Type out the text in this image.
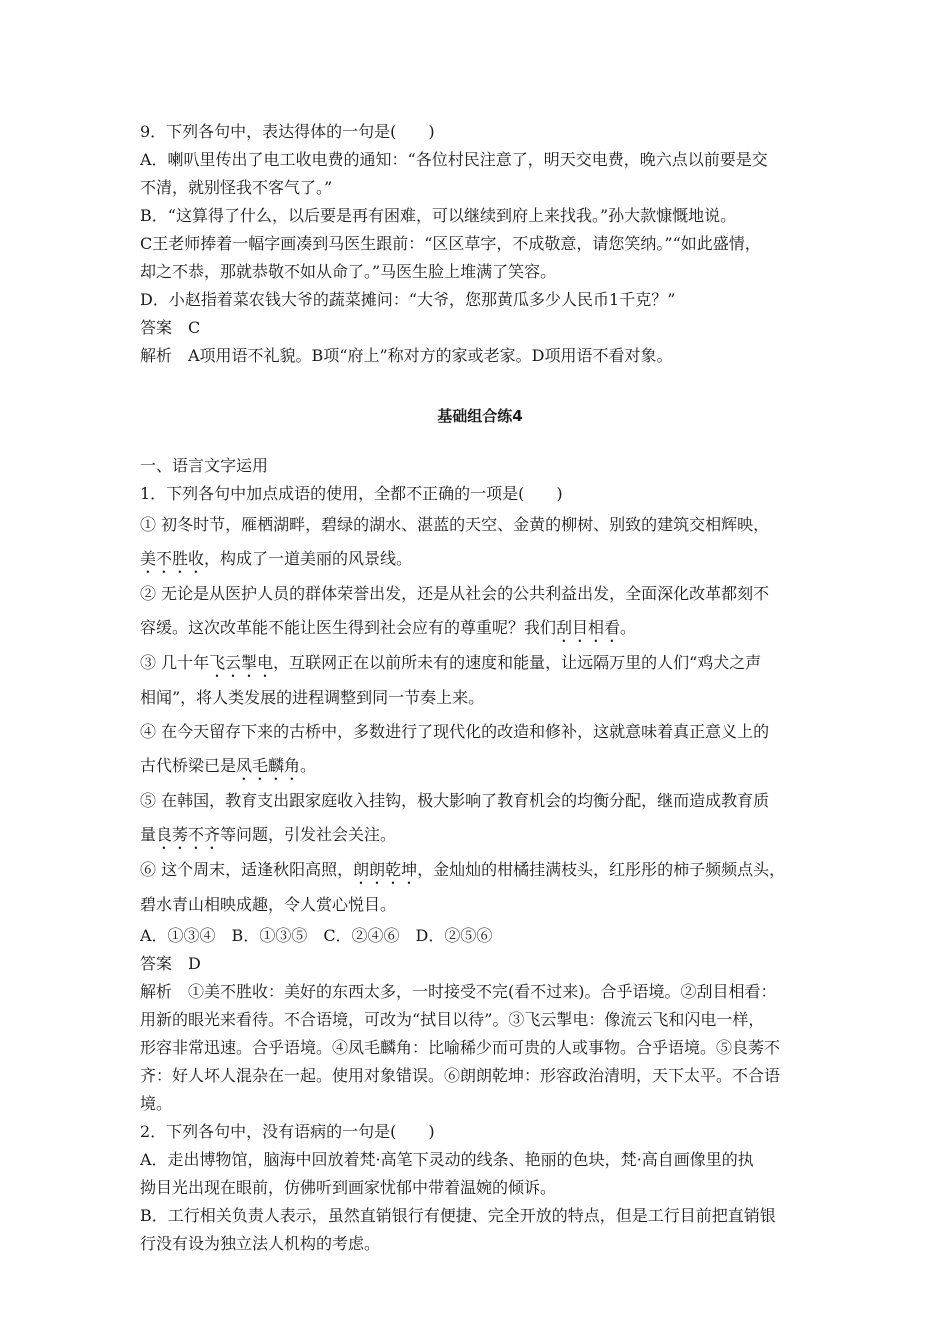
9．下列各句中，表达得体的一句是(　　)
A．喇叭里传出了电工收电费的通知：“各位村民注意了，明天交电费，晚六点以前要是交
不清，就别怪我不客气了。”
B．“这算得了什么，以后要是再有困难，可以继续到府上来找我。”孙大款慷慨地说。
C王老师捧着一幅字画凑到马医生跟前：“区区草字，不成敬意，请您笑纳。”“如此盛情，
却之不恭，那就恭敬不如从命了。”马医生脸上堆满了笑容。
D．小赵指着菜农钱大爷的蔬菜摊问：“大爷，您那黄瓜多少人民币1千克？”
答案　C
解析　A项用语不礼貌。B项“府上”称对方的家或老家。D项用语不看对象。
基础组合练4
一、语言文字运用
1．下列各句中加点成语的使用，全都不正确的一项是(　　)
① 初冬时节，雁栖湖畔，碧绿的湖水、湛蓝的天空、金黄的柳树、别致的建筑交相辉映，
美不胜收，构成了一道美丽的风景线。
② 无论是从医护人员的群体荣誉出发，还是从社会的公共利益出发，全面深化改革都刻不
容缓。这次改革能不能让医生得到社会应有的尊重呢？我们刮目相看。
③ 几十年飞云掣电，互联网正在以前所未有的速度和能量，让远隔万里的人们“鸡犬之声
相闻”，将人类发展的进程调整到同一节奏上来。
④ 在今天留存下来的古桥中，多数进行了现代化的改造和修补，这就意味着真正意义上的
古代桥梁已是凤毛麟角。
⑤ 在韩国，教育支出跟家庭收入挂钩，极大影响了教育机会的均衡分配，继而造成教育质
量良莠不齐等问题，引发社会关注。
⑥ 这个周末，适逢秋阳高照，朗朗乾坤，金灿灿的柑橘挂满枝头，红彤彤的柿子频频点头，
碧水青山相映成趣，令人赏心悦目。
A．①③④　B．①③⑤　C．②④⑥　D．②⑤⑥
答案　D
解析　①美不胜收：美好的东西太多，一时接受不完(看不过来)。合乎语境。②刮目相看：
用新的眼光来看待。不合语境，可改为“拭目以待”。③飞云掣电：像流云飞和闪电一样，
形容非常迅速。合乎语境。④凤毛麟角：比喻稀少而可贵的人或事物。合乎语境。⑤良莠不
齐：好人坏人混杂在一起。使用对象错误。⑥朗朗乾坤：形容政治清明，天下太平。不合语
境。
2．下列各句中，没有语病的一句是(　　)
A．走出博物馆，脑海中回放着梵·高笔下灵动的线条、艳丽的色块，梵·高自画像里的执
拗目光出现在眼前，仿佛听到画家忧郁中带着温婉的倾诉。
B．工行相关负责人表示，虽然直销银行有便捷、完全开放的特点，但是工行目前把直销银
行没有设为独立法人机构的考虑。
